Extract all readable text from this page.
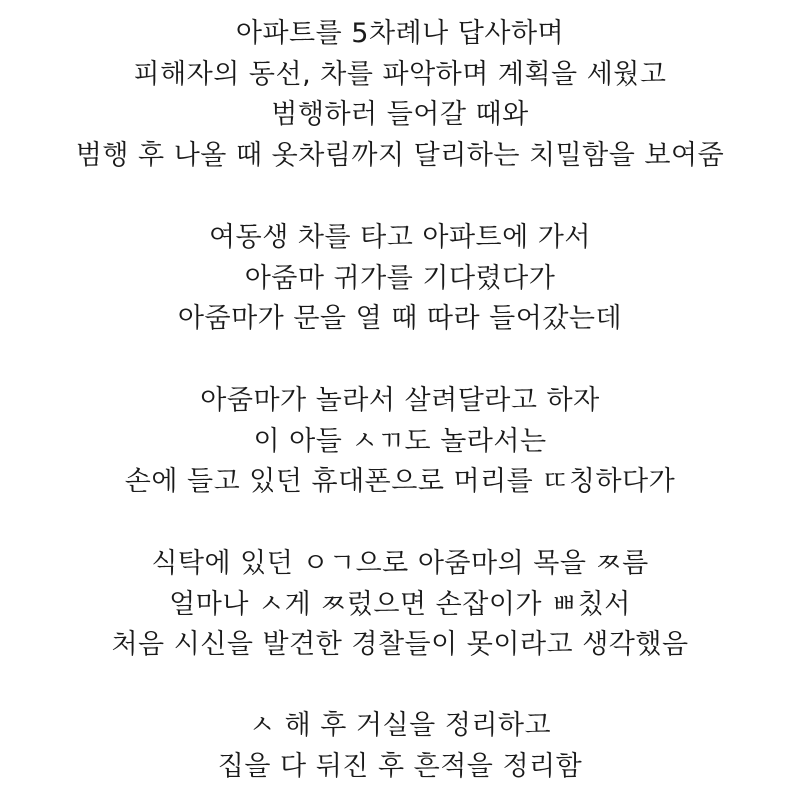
아파트를 5차례나 답사하며
피해자의 동선, 차를 파악하며 계획을 세웠고
범행하러 들어갈 때와
범행 후 나올 때 옷차림까지 달리하는 치밀함을 보여줌
여동생 차를 타고 아파트에 가서
아줌마 귀가를 기다렸다가
아줌마가 문을 열 때 따라 들어갔는데
아줌마가 놀라서 살려달라고 하자
이 아들 ㅅㄲ도 놀라서는
손에 들고 있던 휴대폰으로 머리를 ㄸ칭하다가
식탁에 있던 ㅇㄱ으로 아줌마의 목을 ㅉ름
얼마나 ㅅ게 ㅉ렀으면 손잡이가 ㅃ칬서
처음 시신을 발견한 경찰들이 못이라고 생각했음
ㅅ 해 후 거실을 정리하고
집을 다 뒤진 후 흔적을 정리함
